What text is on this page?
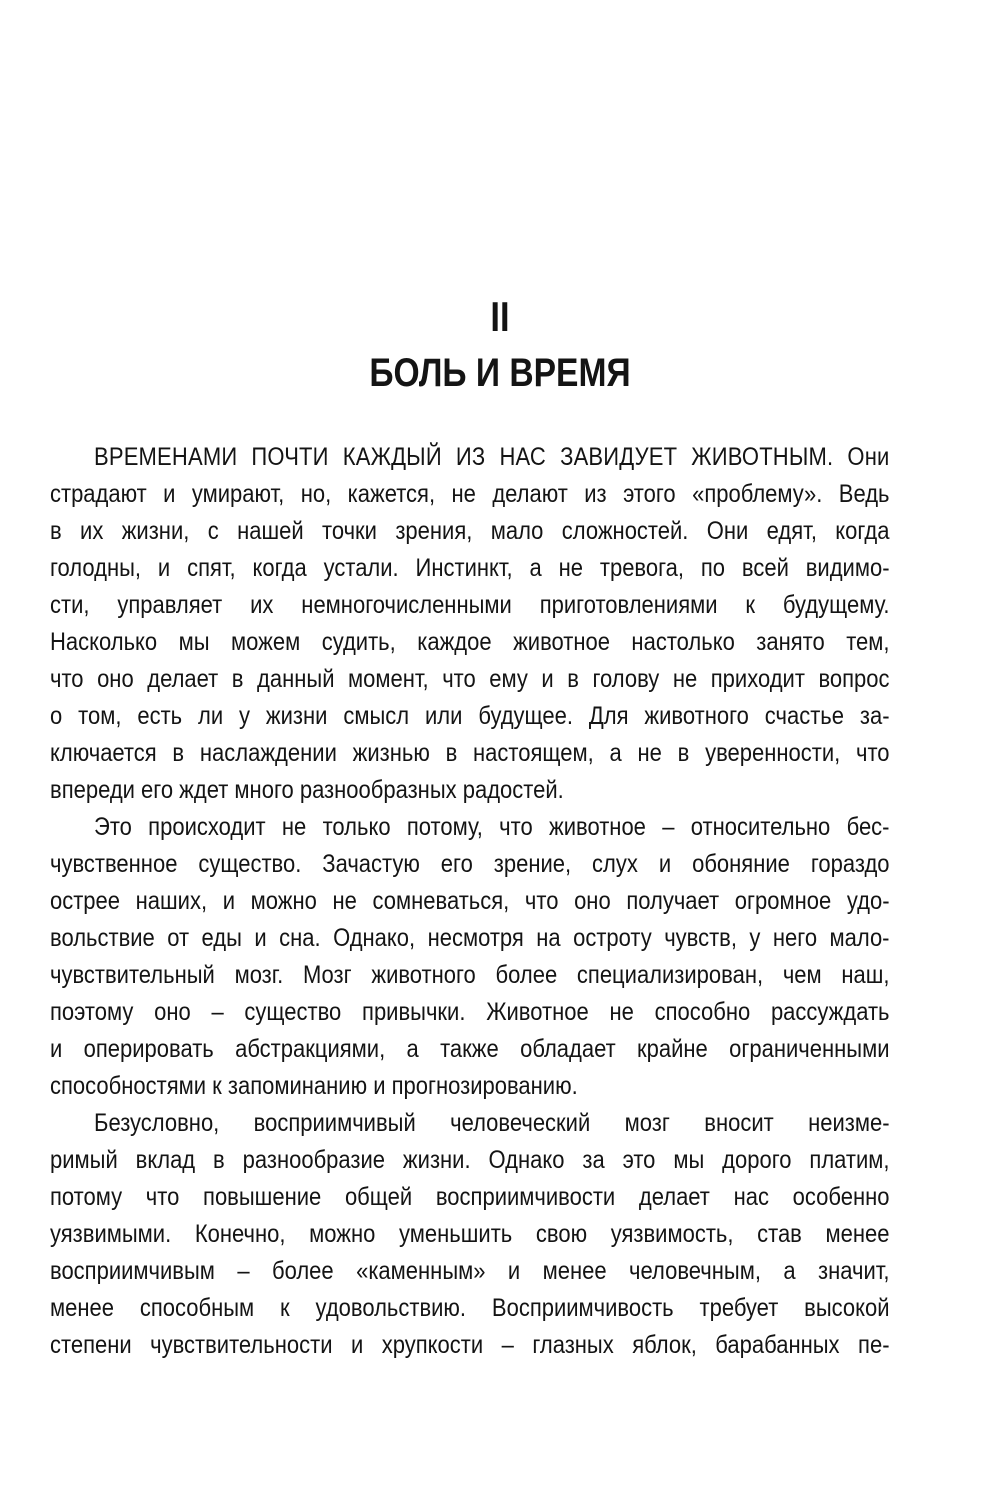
II
БОЛЬ И ВРЕМЯ
ВРЕМЕНАМИ ПОЧТИ КАЖДЫЙ ИЗ НАС ЗАВИДУЕТ ЖИВОТНЫМ. Они
страдают и умирают, но, кажется, не делают из этого «проблему». Ведь
в их жизни, с нашей точки зрения, мало сложностей. Они едят, когда
голодны, и спят, когда устали. Инстинкт, а не тревога, по всей видимо-
сти, управляет их немногочисленными приготовлениями к будущему.
Насколько мы можем судить, каждое животное настолько занято тем,
что оно делает в данный момент, что ему и в голову не приходит вопрос
о том, есть ли у жизни смысл или будущее. Для животного счастье за-
ключается в наслаждении жизнью в настоящем, а не в уверенности, что
впереди его ждет много разнообразных радостей.
Это происходит не только потому, что животное – относительно бес-
чувственное существо. Зачастую его зрение, слух и обоняние гораздо
острее наших, и можно не сомневаться, что оно получает огромное удо-
вольствие от еды и сна. Однако, несмотря на остроту чувств, у него мало-
чувствительный мозг. Мозг животного более специализирован, чем наш,
поэтому оно – существо привычки. Животное не способно рассуждать
и оперировать абстракциями, а также обладает крайне ограниченными
способностями к запоминанию и прогнозированию.
Безусловно, восприимчивый человеческий мозг вносит неизме-
римый вклад в разнообразие жизни. Однако за это мы дорого платим,
потому что повышение общей восприимчивости делает нас особенно
уязвимыми. Конечно, можно уменьшить свою уязвимость, став менее
восприимчивым – более «каменным» и менее человечным, а значит,
менее способным к удовольствию. Восприимчивость требует высокой
степени чувствительности и хрупкости – глазных яблок, барабанных пе-
